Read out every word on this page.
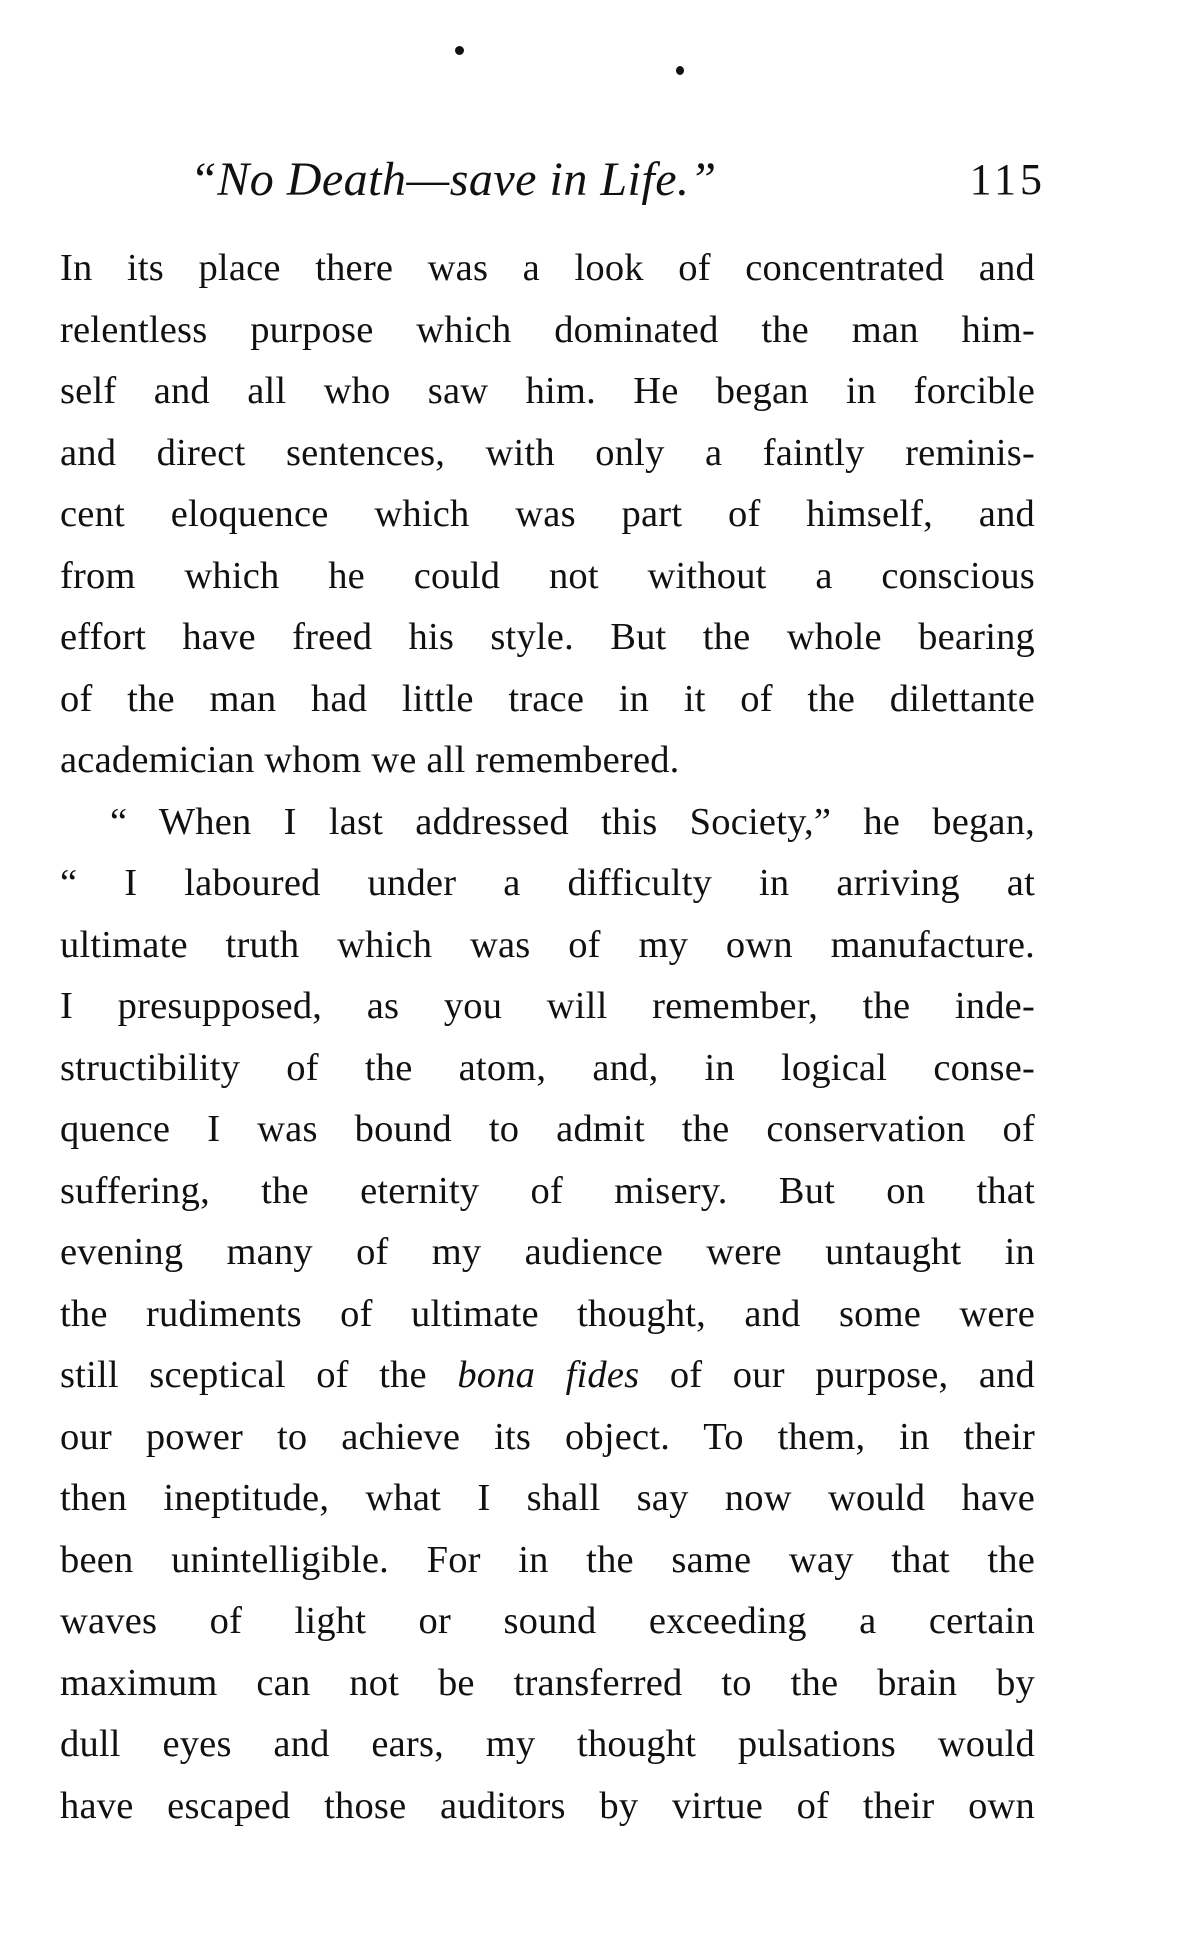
“No Death—save in Life.”	115
In its place there was a look of concentrated and
relentless purpose which dominated the man him-
self and all who saw him. He began in forcible
and direct sentences, with only a faintly reminis-
cent eloquence which was part of himself, and
from which he could not without a conscious
effort have freed his style. But the whole bearing
of the man had little trace in it of the dilettante
academician whom we all remembered.
“ When I last addressed this Society,” he began,
“ I laboured under a difficulty in arriving at
ultimate truth which was of my own manufacture.
I presupposed, as you will remember, the inde-
structibility of the atom, and, in logical conse-
quence I was bound to admit the conservation of
suffering, the eternity of misery. But on that
evening many of my audience were untaught in
the rudiments of ultimate thought, and some were
still sceptical of the bona fides of our purpose, and
our power to achieve its object. To them, in their
then ineptitude, what I shall say now would have
been unintelligible. For in the same way that the
waves of light or sound exceeding a certain
maximum can not be transferred to the brain by
dull eyes and ears, my thought pulsations would
have escaped those auditors by virtue of their own
